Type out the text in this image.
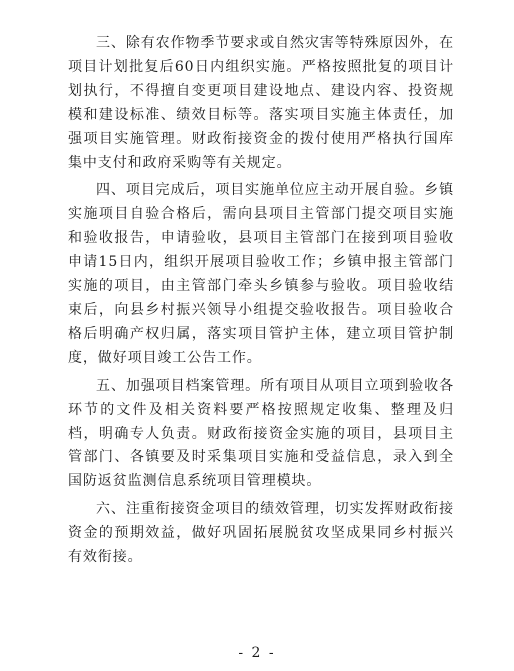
三、除有农作物季节要求或自然灾害等特殊原因外，在项目计划批复后60日内组织实施。严格按照批复的项目计划执行，不得擅自变更项目建设地点、建设内容、投资规模和建设标准、绩效目标等。落实项目实施主体责任，加强项目实施管理。财政衔接资金的拨付使用严格执行国库集中支付和政府采购等有关规定。

四、项目完成后，项目实施单位应主动开展自验。乡镇实施项目自验合格后，需向县项目主管部门提交项目实施和验收报告，申请验收，县项目主管部门在接到项目验收申请15日内，组织开展项目验收工作；乡镇申报主管部门实施的项目，由主管部门牵头乡镇参与验收。项目验收结束后，向县乡村振兴领导小组提交验收报告。项目验收合格后明确产权归属，落实项目管护主体，建立项目管护制度，做好项目竣工公告工作。

五、加强项目档案管理。所有项目从项目立项到验收各环节的文件及相关资料要严格按照规定收集、整理及归档，明确专人负责。财政衔接资金实施的项目，县项目主管部门、各镇要及时采集项目实施和受益信息，录入到全国防返贫监测信息系统项目管理模块。

六、注重衔接资金项目的绩效管理，切实发挥财政衔接资金的预期效益，做好巩固拓展脱贫攻坚成果同乡村振兴有效衔接。

- 2 -
